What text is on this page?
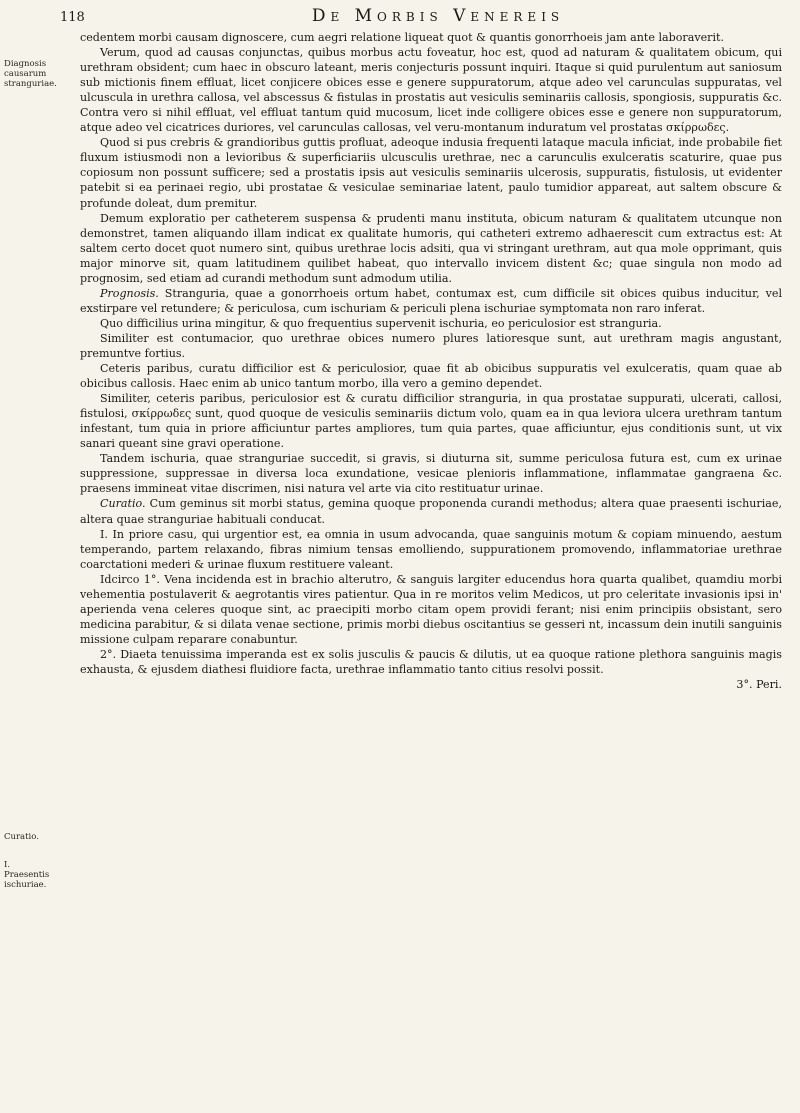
118	De Morbis Venereis
Diagnosis causarum stranguriae.
Curatio.
I. Praesentis ischuriae.

cedentem morbi causam dignoscere, cum aegri relatione liqueat quot & quantis gonorrhoeis jam ante laboraverit.

Verum, quod ad causas conjunctas, quibus morbus actu foveatur, hoc est, quod ad naturam & qualitatem obicum, qui urethram obsident; cum haec in obscuro lateant, meris conjecturis possunt inquiri. Itaque si quid purulentum aut saniosum sub mictionis finem effluat, licet conjicere obices esse e genere suppuratorum, atque adeo vel carunculas suppuratas, vel ulcuscula in urethra callosa, vel abscessus & fistulas in prostatis aut vesiculis seminariis callosis, spongiosis, suppuratis &c. Contra vero si nihil effluat, vel effluat tantum quid mucosum, licet inde colligere obices esse e genere non suppuratorum, atque adeo vel cicatrices duriores, vel carunculas callosas, vel veru-montanum induratum vel prostatas σκίρρωδες.

Quod si pus crebris & grandioribus guttis profluat, adeoque indusia frequenti lataque macula inficiat, inde probabile fiet fluxum istiusmodi non a levioribus & superficiariis ulcusculis urethrae, nec a carunculis exulceratis scaturire, quae pus copiosum non possunt sufficere; sed a prostatis ipsis aut vesiculis seminariis ulcerosis, suppuratis, fistulosis, ut evidenter patebit si ea perinaei regio, ubi prostatae & vesiculae seminariae latent, paulo tumidior appareat, aut saltem obscure & profunde doleat, dum premitur.

Demum exploratio per catheterem suspensa & prudenti manu instituta, obicum naturam & qualitatem utcunque non demonstret, tamen aliquando illam indicat ex qualitate humoris, qui catheteri extremo adhaerescit cum extractus est: At saltem certo docet quot numero sint, quibus urethrae locis adsiti, qua vi stringant urethram, aut qua mole opprimant, quis major minorve sit, quam latitudinem quilibet habeat, quo intervallo invicem distent &c; quae singula non modo ad prognosim, sed etiam ad curandi methodum sunt admodum utilia.

Prognosis. Stranguria, quae a gonorrhoeis ortum habet, contumax est, cum difficile sit obices quibus inducitur, vel exstirpare vel retundere; & periculosa, cum ischuriam & periculi plena ischuriae symptomata non raro inferat.

Quo difficilius urina mingitur, & quo frequentius supervenit ischuria, eo periculosior est stranguria.

Similiter est contumacior, quo urethrae obices numero plures latioresque sunt, aut urethram magis angustant, premuntve fortius.

Ceteris paribus, curatu difficilior est & periculosior, quae fit ab obicibus suppuratis vel exulceratis, quam quae ab obicibus callosis. Haec enim ab unico tantum morbo, illa vero a gemino dependet.

Similiter, ceteris paribus, periculosior est & curatu difficilior stranguria, in qua prostatae suppurati, ulcerati, callosi, fistulosi, σκίρρωδες sunt, quod quoque de vesiculis seminariis dictum volo, quam ea in qua leviora ulcera urethram tantum infestant, tum quia in priore afficiuntur partes ampliores, tum quia partes, quae afficiuntur, ejus conditionis sunt, ut vix sanari queant sine gravi operatione.

Tandem ischuria, quae stranguriae succedit, si gravis, si diuturna sit, summe periculosa futura est, cum ex urinae suppressione, suppressae in diversa loca exundatione, vesicae plenioris inflammatione, inflammatae gangraena &c. praesens immineat vitae discrimen, nisi natura vel arte via cito restituatur urinae.

Curatio. Cum geminus sit morbi status, gemina quoque proponenda curandi methodus; altera quae praesenti ischuriae, altera quae stranguriae habituali conducat.

I. In priore casu, qui urgentior est, ea omnia in usum advocanda, quae sanguinis motum & copiam minuendo, aestum temperando, partem relaxando, fibras nimium tensas emolliendo, suppurationem promovendo, inflammatoriae urethrae coarctationi mederi & urinae fluxum restituere valeant.

Idcirco 1°. Vena incidenda est in brachio alterutro, & sanguis largiter educendus hora quarta qualibet, quamdiu morbi vehementia postulaverit & aegrotantis vires patientur. Qua in re moritos velim Medicos, ut pro celeritate invasionis ipsi in' aperienda vena celeres quoque sint, ac praecipiti morbo citam opem providi ferant; nisi enim principiis obsistant, sero medicina parabitur, & si dilata venae sectione, primis morbi diebus oscitantius se gesseri nt, incassum dein inutili sanguinis missione culpam reparare conabuntur.

2°. Diaeta tenuissima imperanda est ex solis jusculis & paucis & dilutis, ut ea quoque ratione plethora sanguinis magis exhausta, & ejusdem diathesi fluidiore facta, urethrae inflammatio tanto citius resolvi possit.

3°. Peri.
